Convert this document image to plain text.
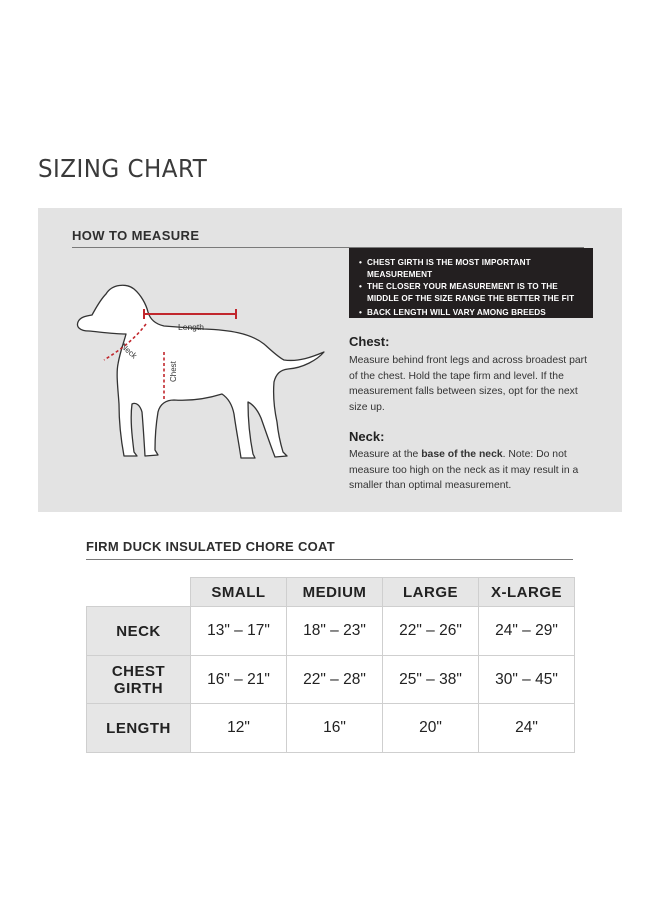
SIZING CHART
HOW TO MEASURE
Length
Neck
Chest
• CHEST GIRTH IS THE MOST IMPORTANT MEASUREMENT
• THE CLOSER YOUR MEASUREMENT IS TO THE MIDDLE OF THE SIZE RANGE THE BETTER THE FIT
• BACK LENGTH WILL VARY AMONG BREEDS
Chest:
Measure behind front legs and across broadest part of the chest. Hold the tape firm and level. If the measurement falls between sizes, opt for the next size up.
Neck:
Measure at the base of the neck. Note: Do not measure too high on the neck as it may result in a smaller than optimal measurement.
FIRM DUCK INSULATED CHORE COAT
	SMALL	MEDIUM	LARGE	X-LARGE
NECK	13" – 17"	18" – 23"	22" – 26"	24" – 29"
CHEST
GIRTH	16" – 21"	22" – 28"	25" – 38"	30" – 45"
LENGTH	12"	16"	20"	24"
